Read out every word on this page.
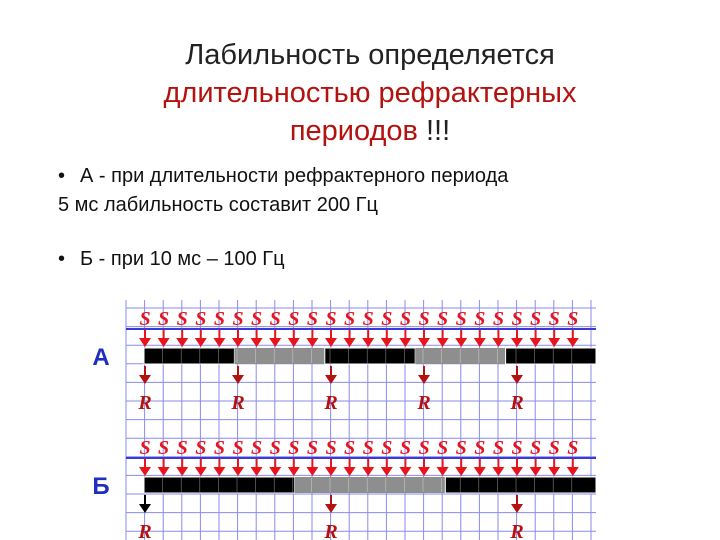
Лабильность определяется
длительностью рефрактерных
периодов !!!
• А - при длительности рефрактерного периода
5 мс лабильность составит 200 Гц
• Б - при 10 мс – 100 Гц
S S S S S S S S S S S S S S S S S S S S S S S S
А
R	R	R	R	R
S S S S S S S S S S S S S S S S S S S S S S S S
Б
R	R	R
